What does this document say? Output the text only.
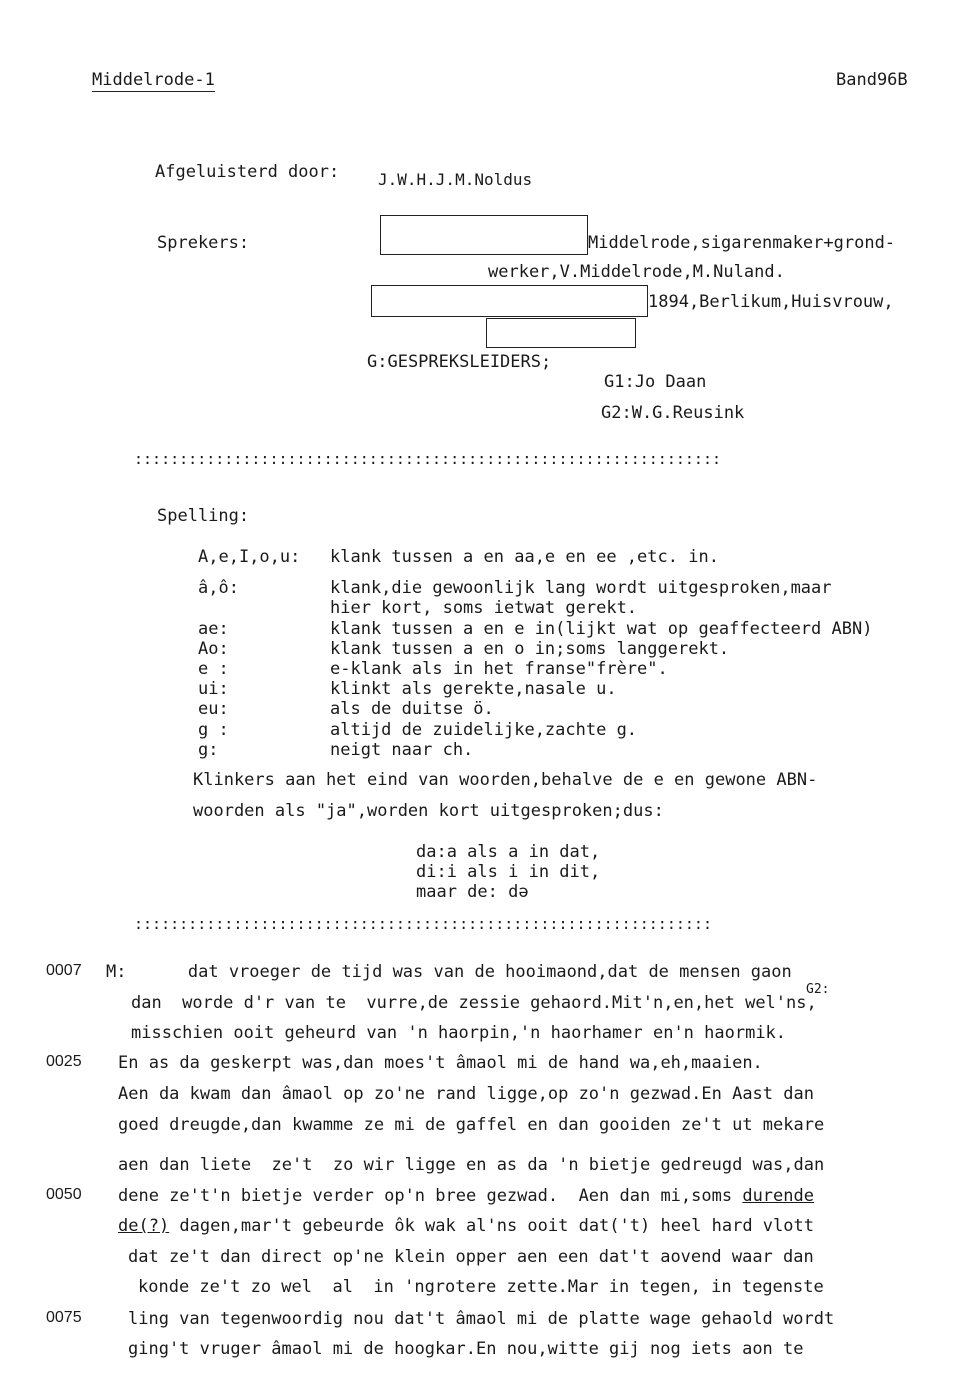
Middelrode-1	Band96B
Afgeluisterd door: J.W.H.J.M.Noldus
Sprekers:	Middelrode,sigarenmaker+grond-
werker,V.Middelrode,M.Nuland.
1894,Berlikum,Huisvrouw,
G:GESPREKSLEIDERS;
G1:Jo Daan
G2:W.G.Reusink
:::::::::::::::::::::::::::::::::::::::::::::::::::::::::::::::::
Spelling:
A,e,I,o,u: klank tussen a en aa,e en ee ,etc. in.
â,ô:	klank,die gewoonlijk lang wordt uitgesproken,maar
hier kort, soms ietwat gerekt.
ae:	klank tussen a en e in(lijkt wat op geaffecteerd ABN)
Ao:	klank tussen a en o in;soms langgerekt.
e :	e-klank als in het franse"frère".
ui:	klinkt als gerekte,nasale u.
eu:	als de duitse ö.
g :	altijd de zuidelijke,zachte g.
g:	neigt naar ch.
Klinkers aan het eind van woorden,behalve de e en gewone ABN-
woorden als "ja",worden kort uitgesproken;dus:
da:a als a in dat,
di:i als i in dit,
maar de: də
::::::::::::::::::::::::::::::::::::::::::::::::::::::::::::::::
0007 M:      dat vroeger de tijd was van de hooimaond,dat de mensen gaon
G2:
dan  worde d'r van te  vurre,de zessie gehaord.Mit'n,en,het wel'ns,
misschien ooit geheurd van 'n haorpin,'n haorhamer en'n haormik.
0025 En as da geskerpt was,dan moes't âmaol mi de hand wa,eh,maaien.
Aen da kwam dan âmaol op zo'ne rand ligge,op zo'n gezwad.En Aast dan
goed dreugde,dan kwamme ze mi de gaffel en dan gooiden ze't ut mekare
aen dan liete  ze't  zo wir ligge en as da 'n bietje gedreugd was,dan
0050 dene ze't'n bietje verder op'n bree gezwad.  Aen dan mi,soms durende
de(?) dagen,mar't gebeurde ôk wak al'ns ooit dat('t) heel hard vlott
dat ze't dan direct op'ne klein opper aen een dat't aovend waar dan
konde ze't zo wel  al  in 'ngrotere zette.Mar in tegen, in tegenste
0075	ling van tegenwoordig nou dat't âmaol mi de platte wage gehaold wordt
ging't vruger âmaol mi de hoogkar.En nou,witte gij nog iets aon te
